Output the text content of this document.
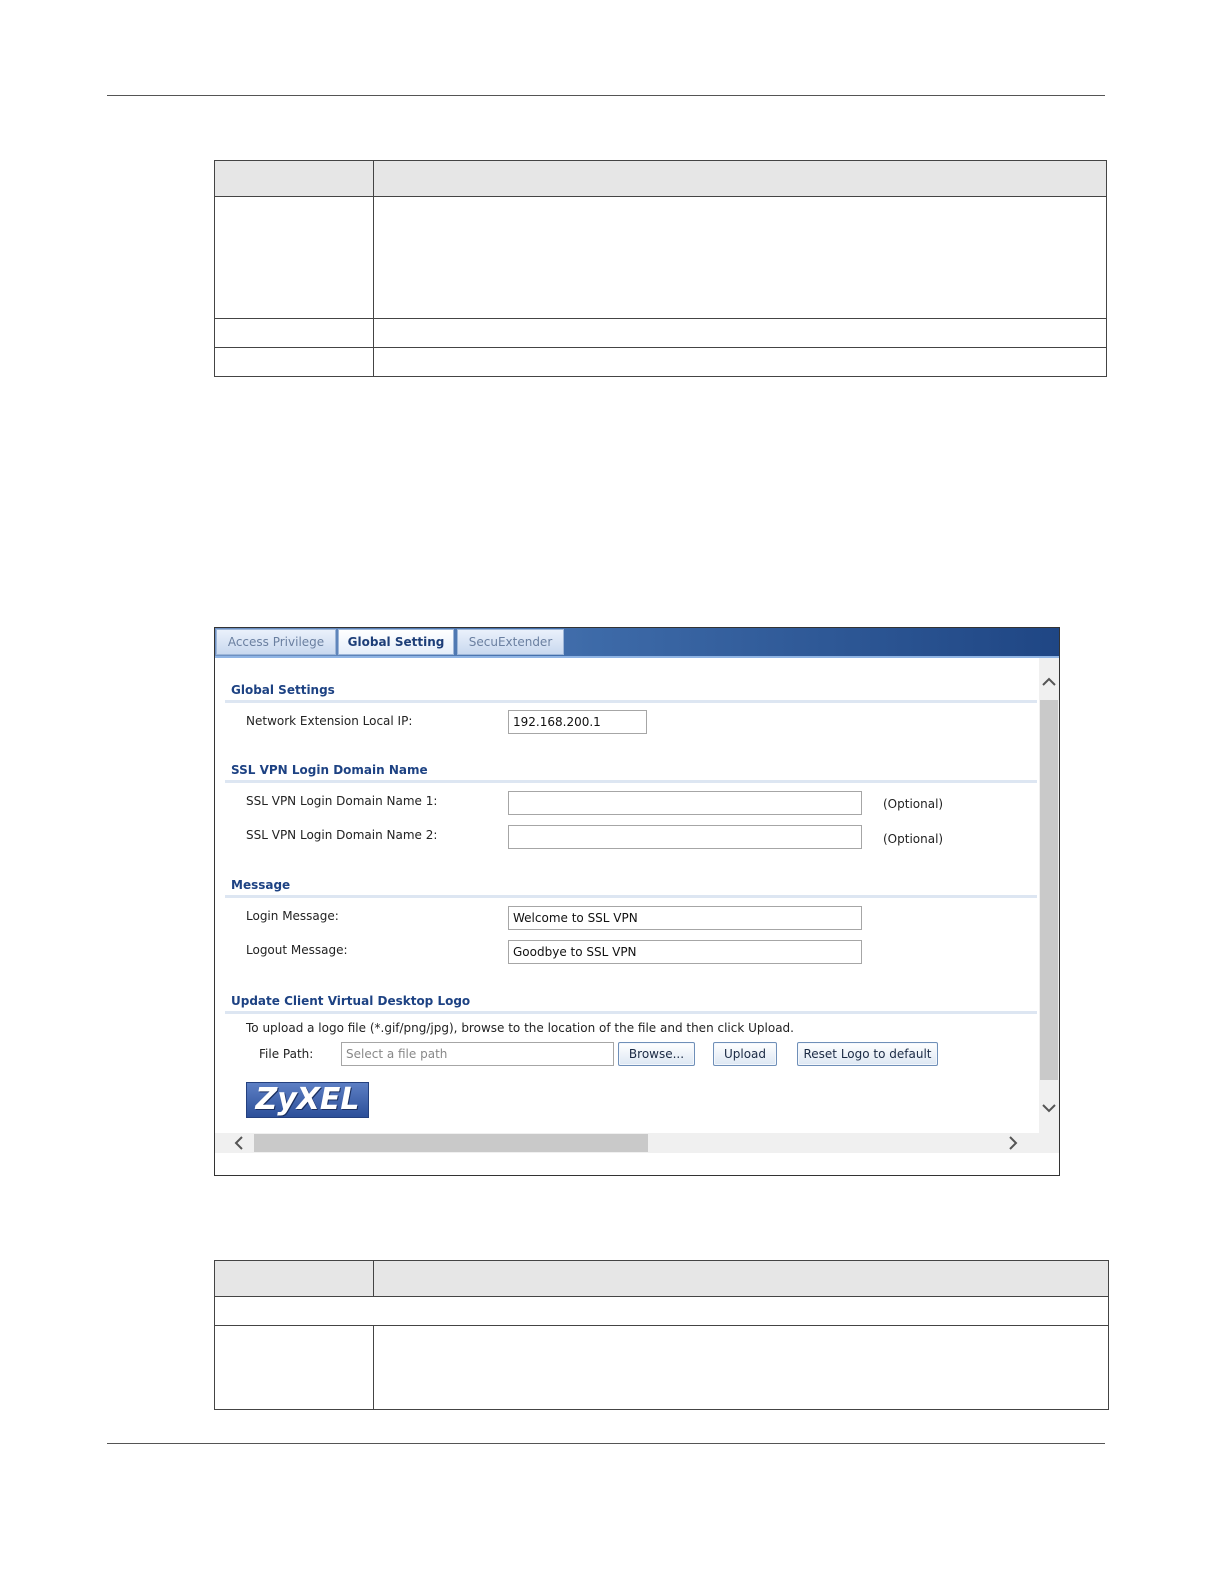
Access Privilege	Global Setting	SecuExtender
Global Settings
Network Extension Local IP:	192.168.200.1
SSL VPN Login Domain Name
SSL VPN Login Domain Name 1:	(Optional)
SSL VPN Login Domain Name 2:	(Optional)
Message
Login Message:	Welcome to SSL VPN
Logout Message:	Goodbye to SSL VPN
Update Client Virtual Desktop Logo
To upload a logo file (*.gif/png/jpg), browse to the location of the file and then click Upload.
File Path:	Select a file path	Browse...	Upload	Reset Logo to default
ZyXEL
